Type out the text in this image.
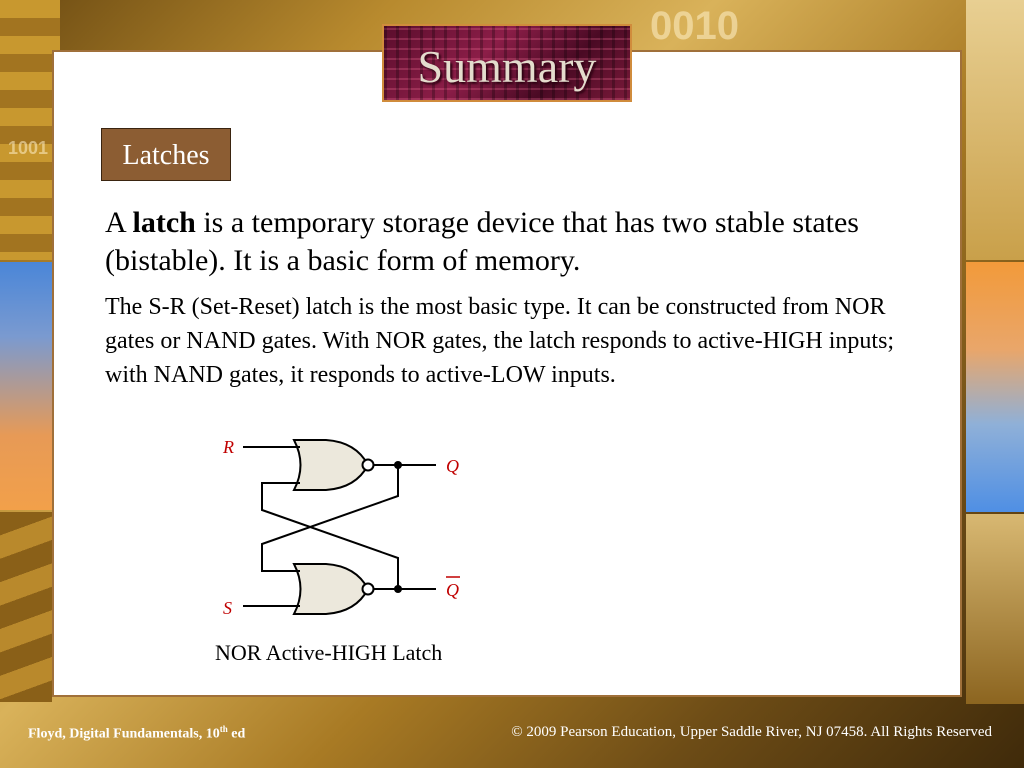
0010
1001
Summary
Latches
A latch is a temporary storage device that has two stable states (bistable). It is a basic form of memory.
The S-R (Set-Reset) latch is the most basic type. It can be constructed from NOR gates or NAND gates. With NOR gates, the latch responds to active-HIGH inputs; with NAND gates, it responds to active-LOW inputs.
R
S
Q
Q
NOR Active-HIGH Latch
Floyd, Digital Fundamentals, 10th ed	© 2009 Pearson Education, Upper Saddle River, NJ 07458. All Rights Reserved
